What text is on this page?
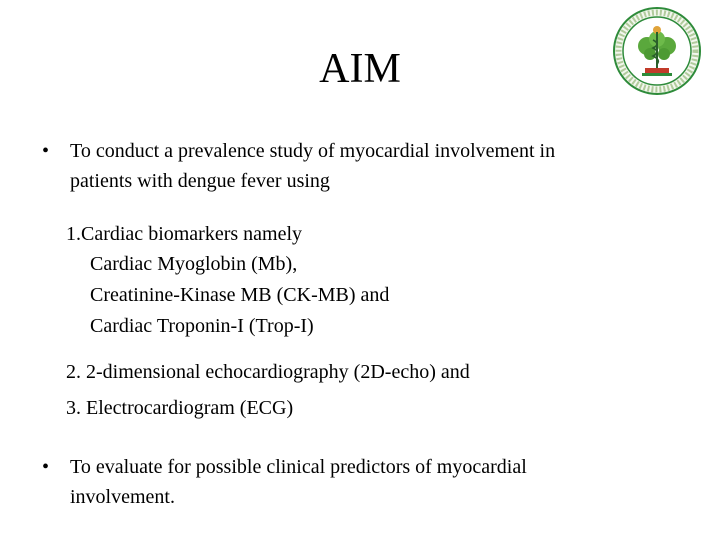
AIM
• To conduct a prevalence study of myocardial involvement in
patients with dengue fever using
1.Cardiac biomarkers namely
Cardiac Myoglobin (Mb),
Creatinine-Kinase MB (CK-MB) and
Cardiac Troponin-I (Trop-I)
2. 2-dimensional echocardiography (2D-echo) and
3. Electrocardiogram (ECG)
• To evaluate for possible clinical predictors of myocardial
involvement.
